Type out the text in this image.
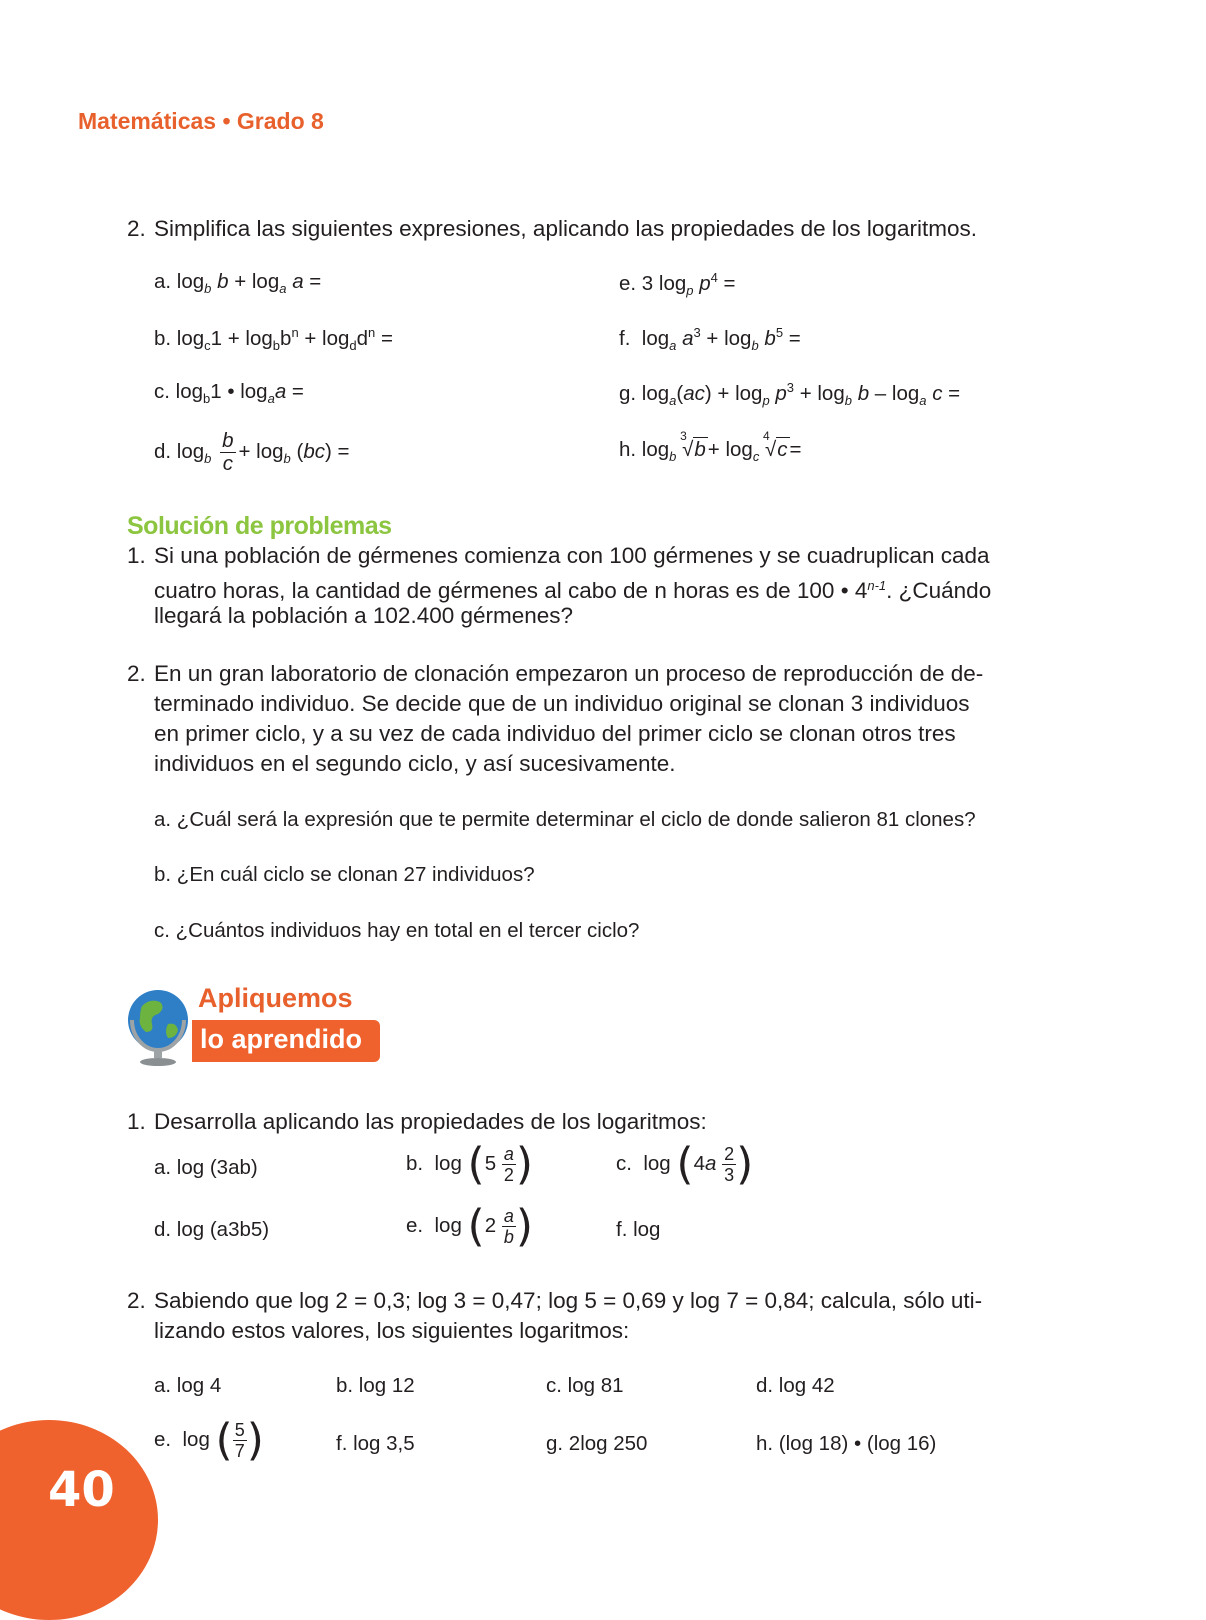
Matemáticas • Grado 8
2. Simplifica las siguientes expresiones, aplicando las propiedades de los logaritmos.
a. $\log_b b + \log_a a$ =
b. $\log_c1 + \log_bb^n + \log_dd^n$ =
c. $\log_b1$ • $\log_aa$ =
d. $\log_b \frac{b}{c} + \log_b (bc)$ =
e. 3 $\log_p p^4$ =
f.  $\log_a a^3 + \log_b b^5$ =
g. $\log_a(ac) + \log_p p^3 + \log_b b - \log_a c$ =
h. $\log_b$
3
$√b+ \log_c$
4
√c=
Solución de problemas
1. Si una población de gérmenes comienza con 100 gérmenes y se cuadruplican cada
cuatro horas, la cantidad de gérmenes al cabo de n horas es de 100 • 4$^{n-1}$. ¿Cuándo
llegará la población a 102.400 gérmenes?
2. En un gran laboratorio de clonación empezaron un proceso de reproducción de de-
terminado individuo. Se decide que de un individuo original se clonan 3 individuos
en primer ciclo, y a su vez de cada individuo del primer ciclo se clonan otros tres
individuos en el segundo ciclo, y así sucesivamente.
a. ¿Cuál será la expresión que te permite determinar el ciclo de donde salieron 81 clones?
b. ¿En cuál ciclo se clonan 27 individuos?
c. ¿Cuántos individuos hay en total en el tercer ciclo?
Apliquemos
lo aprendido
1. Desarrolla aplicando las propiedades de los logaritmos:
a. log (3ab)	b.  $\log (5 \frac{a}{2}$ )	c.  $\log (4a \frac{2}{3}$ )
d. log (a3b5)	e.  $\log (2 \frac{a}{b}$ )	f. log
2. Sabiendo que log 2 = 0,3; log 3 = 0,47; log 5 = 0,69 y log 7 = 0,84; calcula, sólo uti-
lizando estos valores, los siguientes logaritmos:
a. log 4	b. log 12	c. log 81	d. log 42
e.  log ( $\frac{5}{7}$ )	f. log 3,5	g. 2log 250	h. (log 18) • (log 16)
40
